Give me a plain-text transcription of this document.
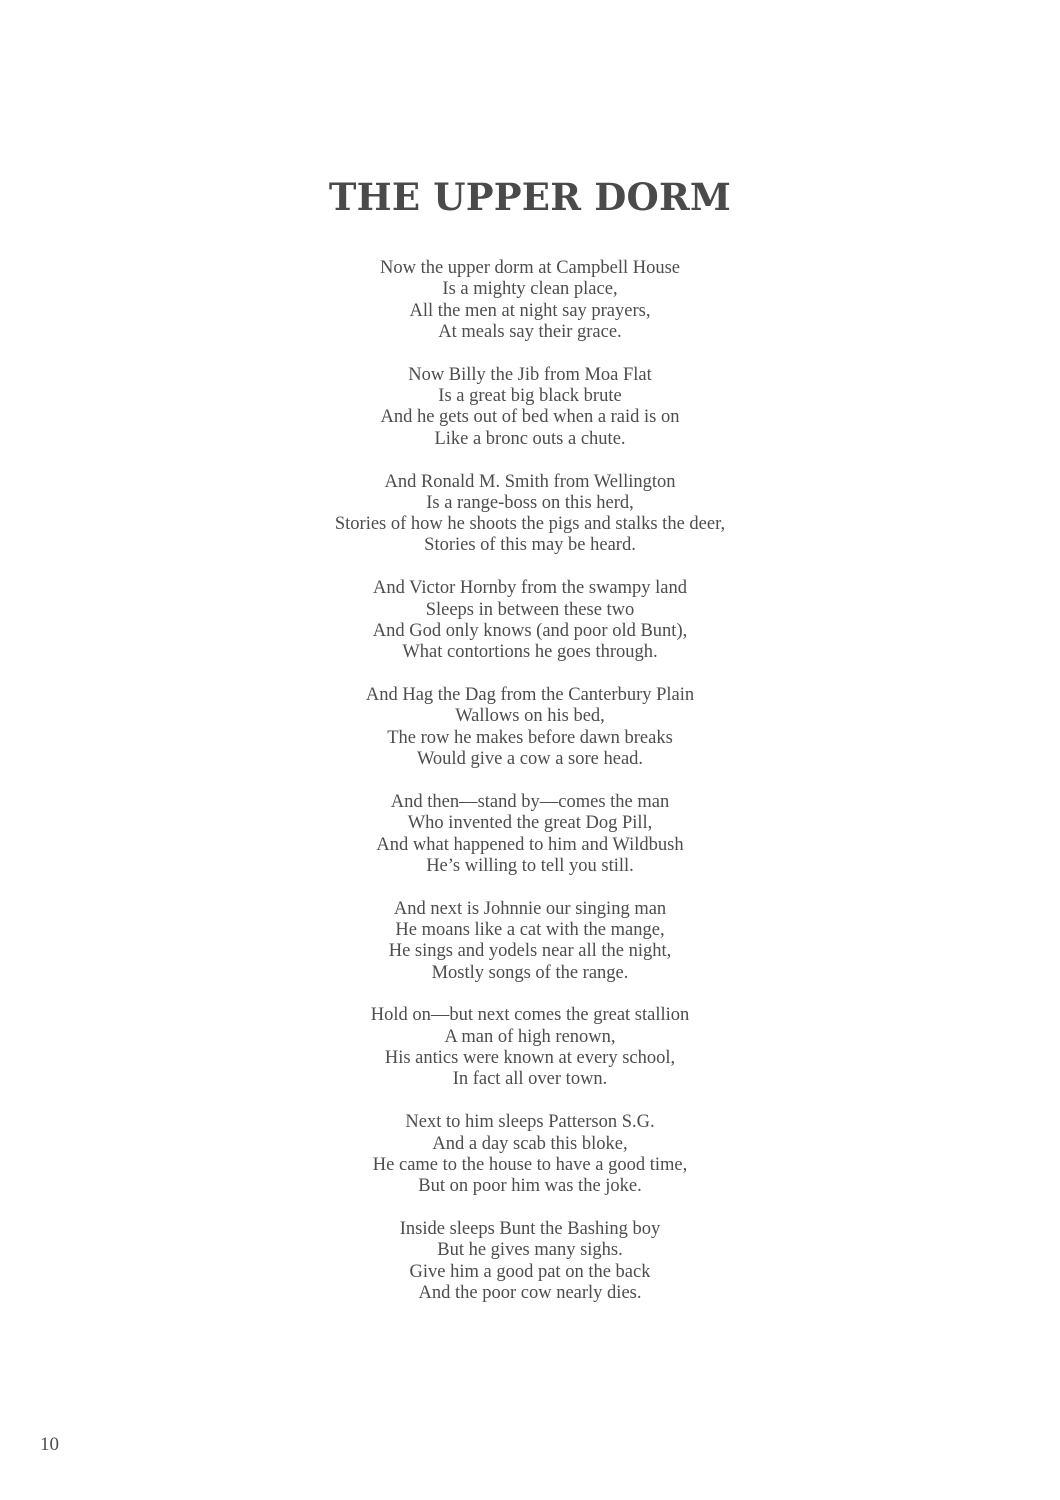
THE UPPER DORM

Now the upper dorm at Campbell House
Is a mighty clean place,
All the men at night say prayers,
At meals say their grace.

Now Billy the Jib from Moa Flat
Is a great big black brute
And he gets out of bed when a raid is on
Like a bronc outs a chute.

And Ronald M. Smith from Wellington
Is a range-boss on this herd,
Stories of how he shoots the pigs and stalks the deer,
Stories of this may be heard.

And Victor Hornby from the swampy land
Sleeps in between these two
And God only knows (and poor old Bunt),
What contortions he goes through.

And Hag the Dag from the Canterbury Plain
Wallows on his bed,
The row he makes before dawn breaks
Would give a cow a sore head.

And then—stand by—comes the man
Who invented the great Dog Pill,
And what happened to him and Wildbush
He’s willing to tell you still.

And next is Johnnie our singing man
He moans like a cat with the mange,
He sings and yodels near all the night,
Mostly songs of the range.

Hold on—but next comes the great stallion
A man of high renown,
His antics were known at every school,
In fact all over town.

Next to him sleeps Patterson S.G.
And a day scab this bloke,
He came to the house to have a good time,
But on poor him was the joke.

Inside sleeps Bunt the Bashing boy
But he gives many sighs.
Give him a good pat on the back
And the poor cow nearly dies.

10
